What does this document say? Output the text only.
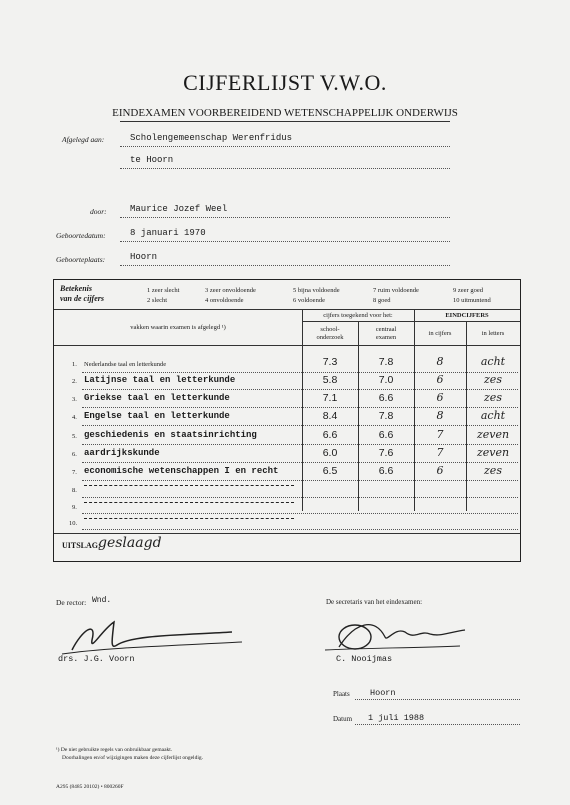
CIJFERLIJST V.W.O.
EINDEXAMEN VOORBEREIDEND WETENSCHAPPELIJK ONDERWIJS
Afgelegd aan:	Scholengemeenschap Werenfridus
te Hoorn
door:	Maurice Jozef Weel
Geboortedatum:	8 januari 1970
Geboorteplaats:	Hoorn
Betekenis
van de cijfers
1 zeer slecht
2 slecht
3 zeer onvoldoende
4 onvoldoende
5 bijna voldoende
6 voldoende
7 ruim voldoende
8 goed
9 zeer goed
10 uitmuntend
vakken waarin examen is afgelegd ¹)
cijfers toegekend voor het:	EINDCIJFERS
school-
onderzoek
centraal
examen
in cijfers	in letters
1. Nederlandse taal en letterkunde	7.3	7.8	8	acht
2. Latijnse taal en letterkunde	5.8	7.0	6	zes
3. Griekse taal en letterkunde	7.1	6.6	6	zes
4. Engelse taal en letterkunde	8.4	7.8	8	acht
5. geschiedenis en staatsinrichting	6.6	6.6	7	zeven
6. aardrijkskunde	6.0	7.6	7	zeven
7. economische wetenschappen I en recht	6.5	6.6	6	zes
8.
9.
10.
UITSLAG:
geslaagd
De rector: Wnd.
drs. J.G. Voorn
De secretaris van het eindexamen:
C. Nooijmas
Plaats Hoorn
Datum 1 juli 1988
¹) De niet gebruikte regels van onbruikbaar gemaakt.
Doorhalingen en/of wijzigingen maken deze cijferlijst ongeldig.
A295 (8485 20102) • 800260F
